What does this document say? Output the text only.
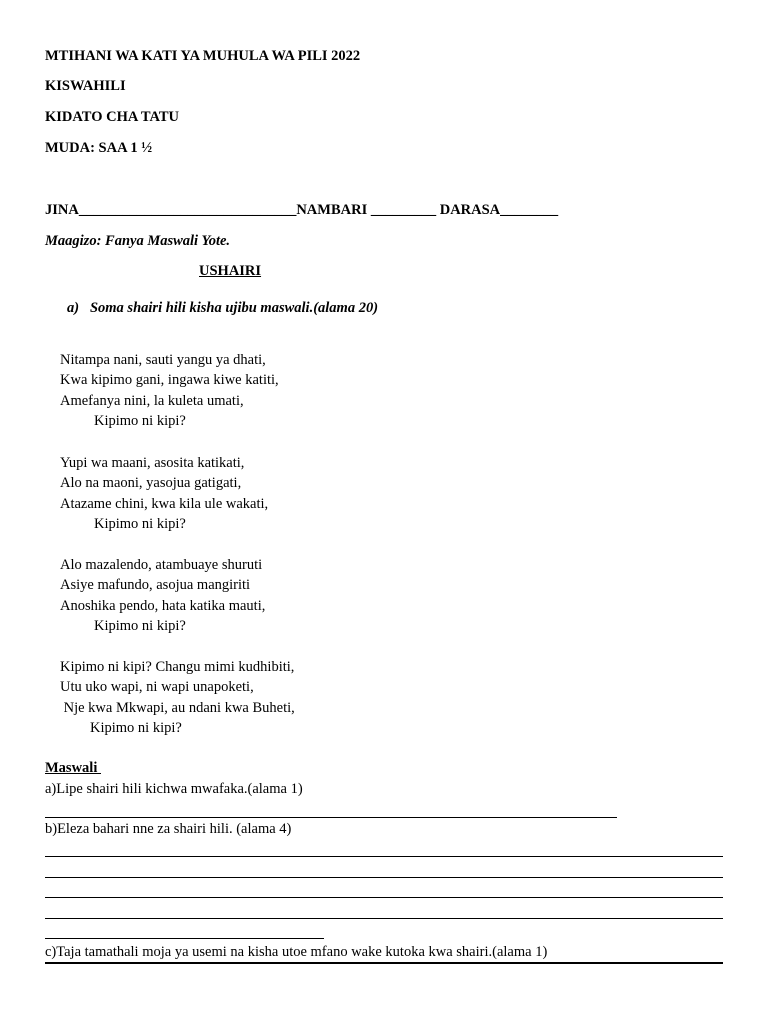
MTIHANI WA KATI YA MUHULA WA PILI 2022
KISWAHILI
KIDATO CHA TATU
MUDA: SAA 1 ½
JINA______________________________NAMBARI _________ DARASA________
Maagizo: Fanya Maswali Yote.
USHAIRI
a) Soma shairi hili kisha ujibu maswali.(alama 20)
Nitampa nani, sauti yangu ya dhati,
Kwa kipimo gani, ingawa kiwe katiti,
Amefanya nini, la kuleta umati,
Kipimo ni kipi?
Yupi wa maani, asosita katikati,
Alo na maoni, yasojua gatigati,
Atazame chini, kwa kila ule wakati,
Kipimo ni kipi?
Alo mazalendo, atambuaye shuruti
Asiye mafundo, asojua mangiriti
Anoshika pendo, hata katika mauti,
Kipimo ni kipi?
Kipimo ni kipi? Changu mimi kudhibiti,
Utu uko wapi, ni wapi unapoketi,
Nje kwa Mkwapi, au ndani kwa Buheti,
Kipimo ni kipi?
Maswali
a)Lipe shairi hili kichwa mwafaka.(alama 1)
b)Eleza bahari nne za shairi hili. (alama 4)
c)Taja tamathali moja ya usemi na kisha utoe mfano wake kutoka kwa shairi.(alama 1)
